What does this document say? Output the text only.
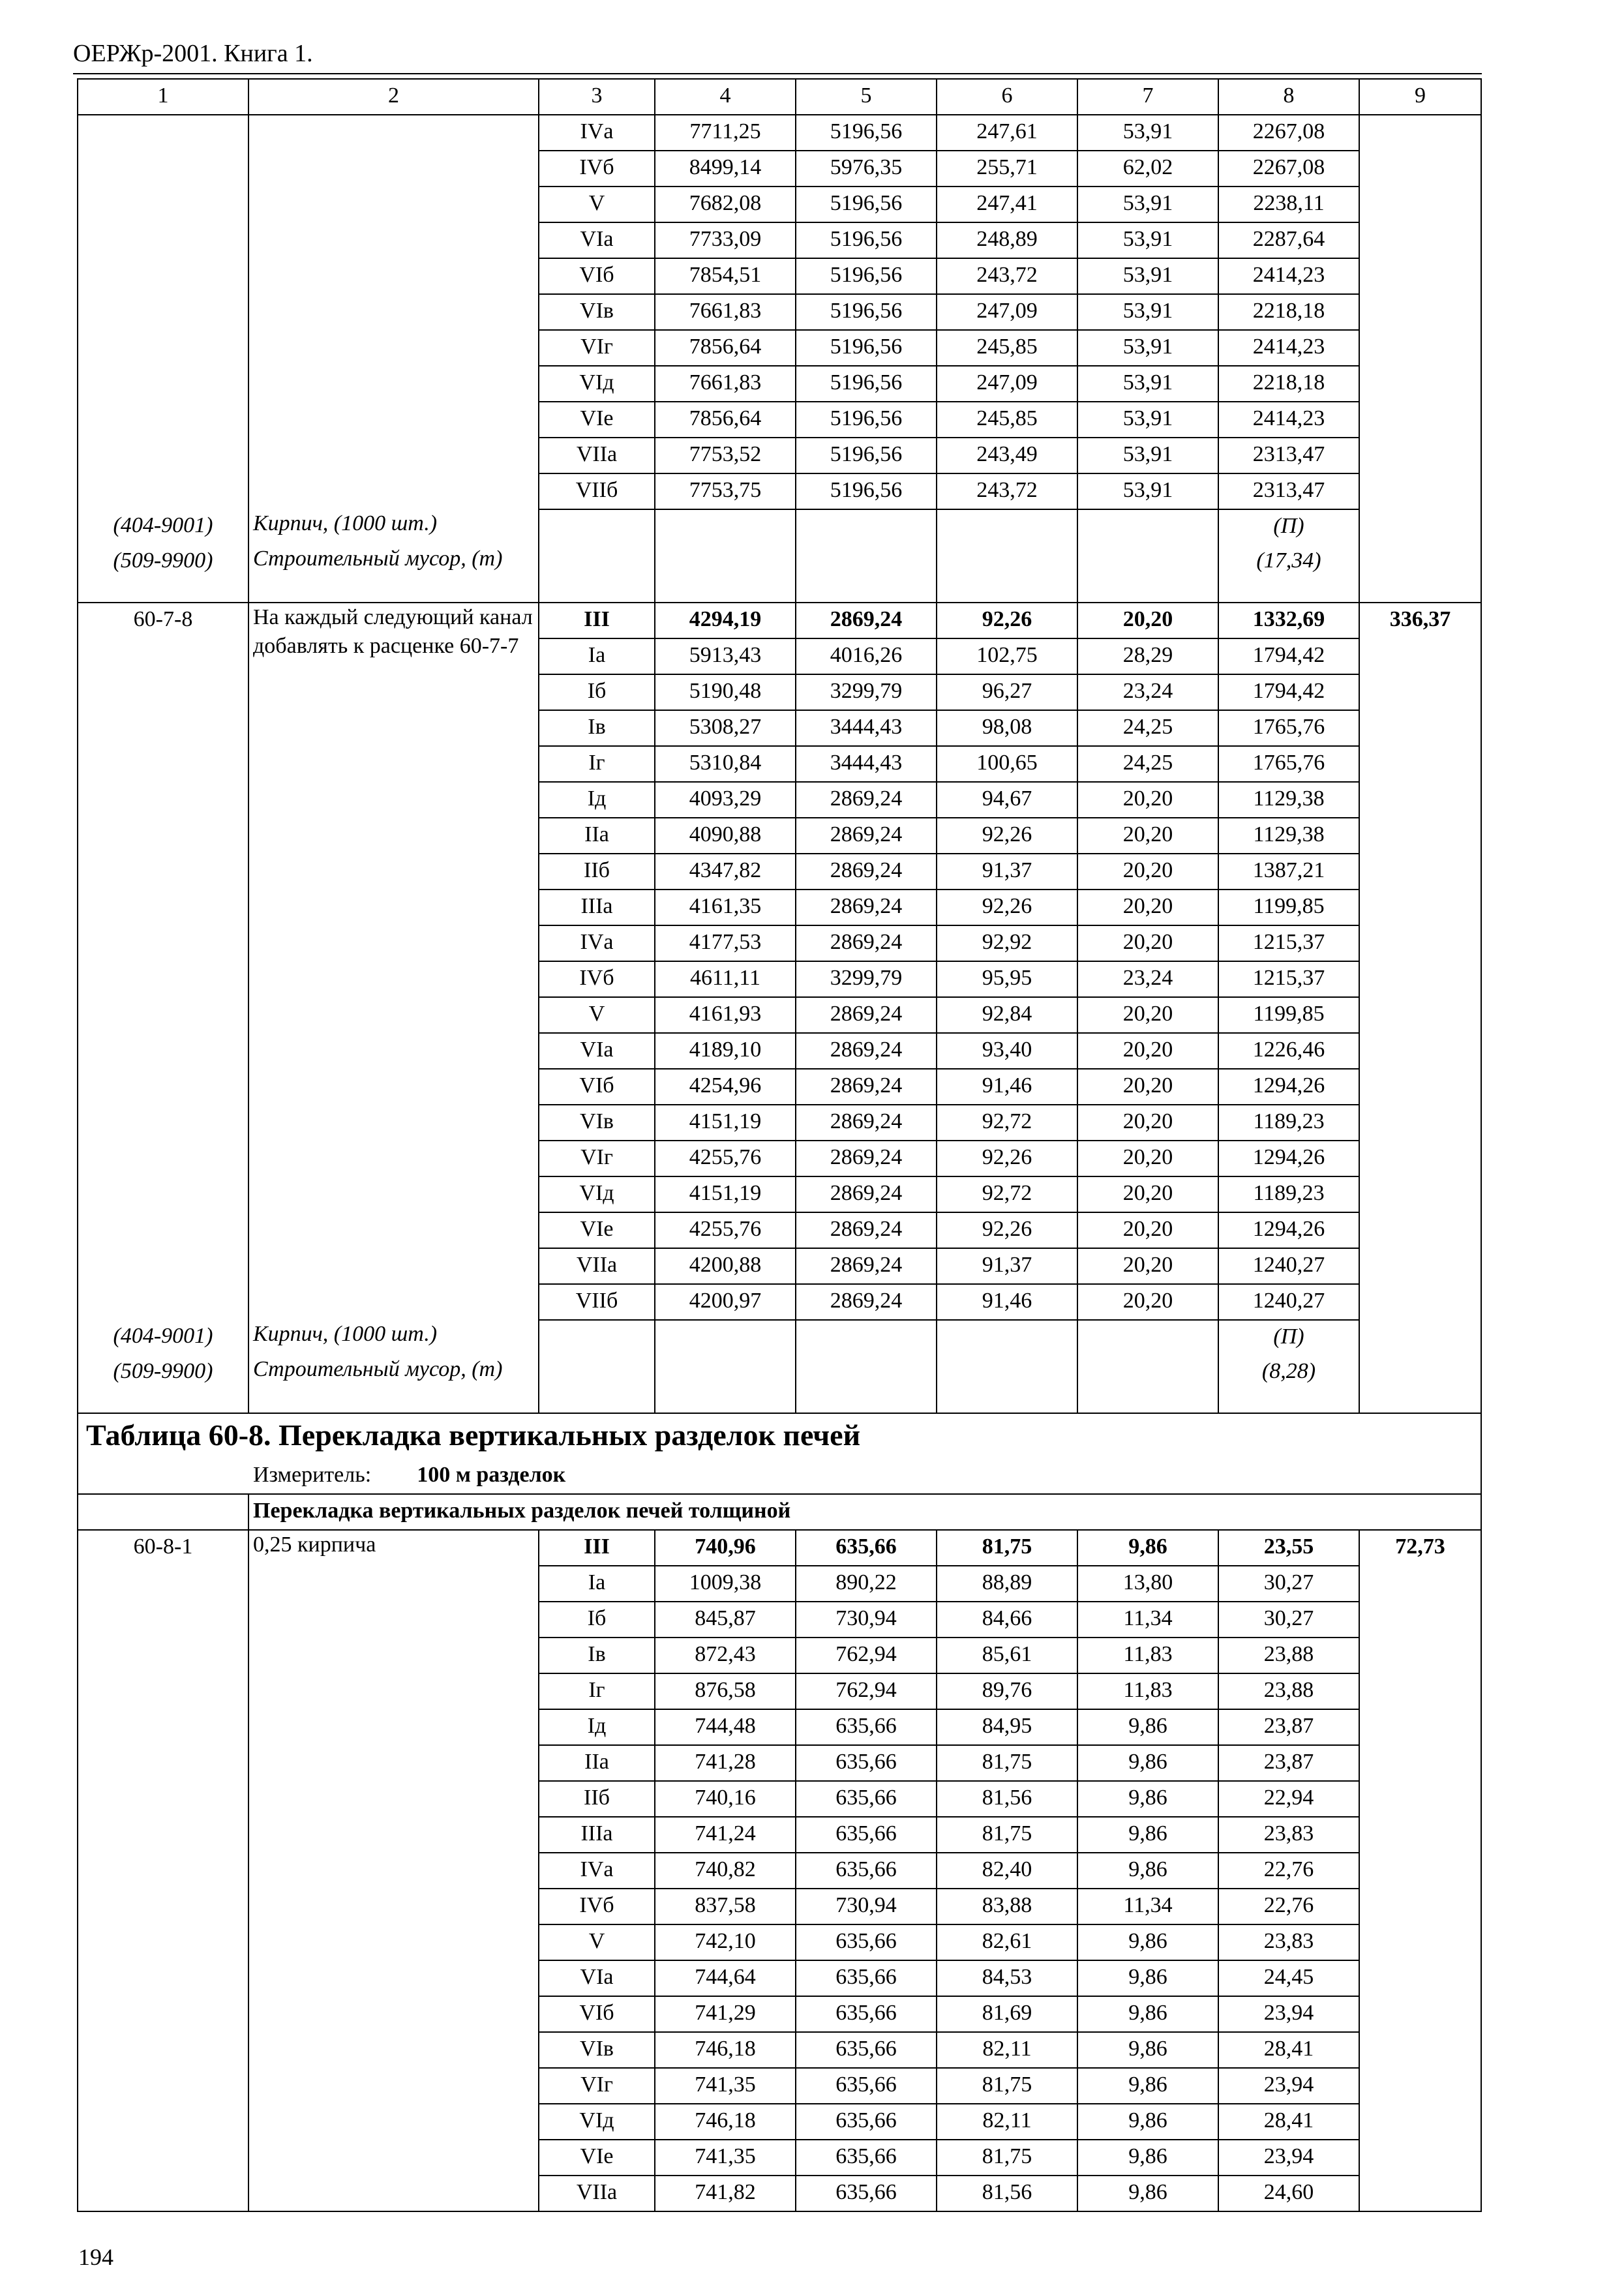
ОЕРЖр-2001. Книга 1.
1	2	3	4	5	6	7	8	9
		IVа	7711,25	5196,56	247,61	53,91	2267,08	
		IVб	8499,14	5976,35	255,71	62,02	2267,08	
		V	7682,08	5196,56	247,41	53,91	2238,11	
		VIа	7733,09	5196,56	248,89	53,91	2287,64	
		VIб	7854,51	5196,56	243,72	53,91	2414,23	
		VIв	7661,83	5196,56	247,09	53,91	2218,18	
		VIг	7856,64	5196,56	245,85	53,91	2414,23	
		VIд	7661,83	5196,56	247,09	53,91	2218,18	
		VIе	7856,64	5196,56	245,85	53,91	2414,23	
		VIIа	7753,52	5196,56	243,49	53,91	2313,47	
		VIIб	7753,75	5196,56	243,72	53,91	2313,47	
(404-9001)	Кирпич, (1000 шт.)						(П)	
(509-9900)	Строительный мусор, (т)						(17,34)	
60-7-8	На каждый следующий канал добавлять к расценке 60-7-7	III	4294,19	2869,24	92,26	20,20	1332,69	336,37
		Iа	5913,43	4016,26	102,75	28,29	1794,42	
		Iб	5190,48	3299,79	96,27	23,24	1794,42	
		Iв	5308,27	3444,43	98,08	24,25	1765,76	
		Iг	5310,84	3444,43	100,65	24,25	1765,76	
		Iд	4093,29	2869,24	94,67	20,20	1129,38	
		IIа	4090,88	2869,24	92,26	20,20	1129,38	
		IIб	4347,82	2869,24	91,37	20,20	1387,21	
		IIIа	4161,35	2869,24	92,26	20,20	1199,85	
		IVа	4177,53	2869,24	92,92	20,20	1215,37	
		IVб	4611,11	3299,79	95,95	23,24	1215,37	
		V	4161,93	2869,24	92,84	20,20	1199,85	
		VIа	4189,10	2869,24	93,40	20,20	1226,46	
		VIб	4254,96	2869,24	91,46	20,20	1294,26	
		VIв	4151,19	2869,24	92,72	20,20	1189,23	
		VIг	4255,76	2869,24	92,26	20,20	1294,26	
		VIд	4151,19	2869,24	92,72	20,20	1189,23	
		VIе	4255,76	2869,24	92,26	20,20	1294,26	
		VIIа	4200,88	2869,24	91,37	20,20	1240,27	
		VIIб	4200,97	2869,24	91,46	20,20	1240,27	
(404-9001)	Кирпич, (1000 шт.)						(П)	
(509-9900)	Строительный мусор, (т)						(8,28)	
Таблица 60-8. Перекладка вертикальных разделок печей								
Измеритель: 100 м разделок								
	Перекладка вертикальных разделок печей толщиной							
60-8-1	0,25 кирпича	III	740,96	635,66	81,75	9,86	23,55	72,73
		Iа	1009,38	890,22	88,89	13,80	30,27	
		Iб	845,87	730,94	84,66	11,34	30,27	
		Iв	872,43	762,94	85,61	11,83	23,88	
		Iг	876,58	762,94	89,76	11,83	23,88	
		Iд	744,48	635,66	84,95	9,86	23,87	
		IIа	741,28	635,66	81,75	9,86	23,87	
		IIб	740,16	635,66	81,56	9,86	22,94	
		IIIа	741,24	635,66	81,75	9,86	23,83	
		IVа	740,82	635,66	82,40	9,86	22,76	
		IVб	837,58	730,94	83,88	11,34	22,76	
		V	742,10	635,66	82,61	9,86	23,83	
		VIа	744,64	635,66	84,53	9,86	24,45	
		VIб	741,29	635,66	81,69	9,86	23,94	
		VIв	746,18	635,66	82,11	9,86	28,41	
		VIг	741,35	635,66	81,75	9,86	23,94	
		VIд	746,18	635,66	82,11	9,86	28,41	
		VIе	741,35	635,66	81,75	9,86	23,94	
		VIIа	741,82	635,66	81,56	9,86	24,60	
194
